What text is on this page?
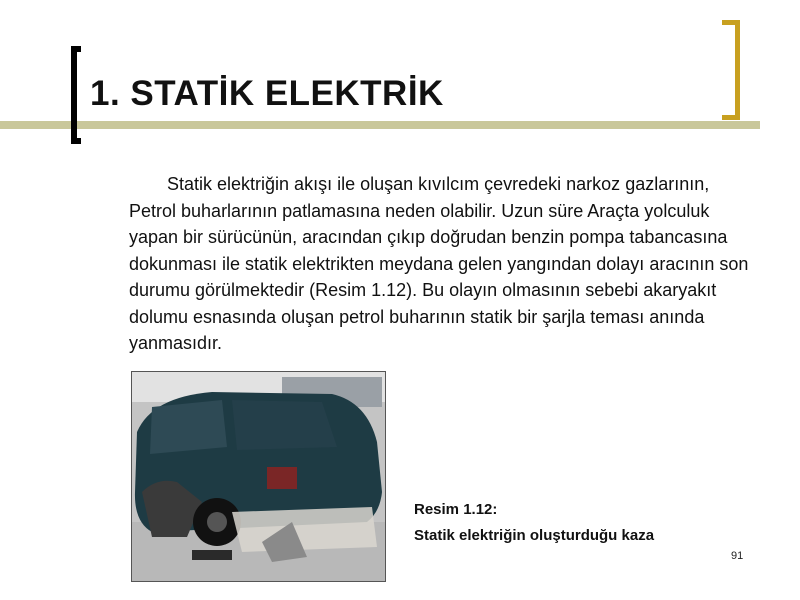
1. STATİK ELEKTRİK
Statik elektriğin akışı ile oluşan kıvılcım çevredeki narkoz gazlarının, Petrol buharlarının patlamasına neden olabilir. Uzun süre Araçta yolculuk yapan bir sürücünün, aracından çıkıp doğrudan benzin pompa tabancasına dokunması ile statik elektrikten meydana gelen yangından dolayı aracının son durumu görülmektedir (Resim 1.12). Bu olayın olmasının sebebi akaryakıt dolumu esnasında oluşan petrol buharının statik bir şarjla teması anında yanmasıdır.
Resim 1.12:
Statik elektriğin oluşturduğu kaza
91
